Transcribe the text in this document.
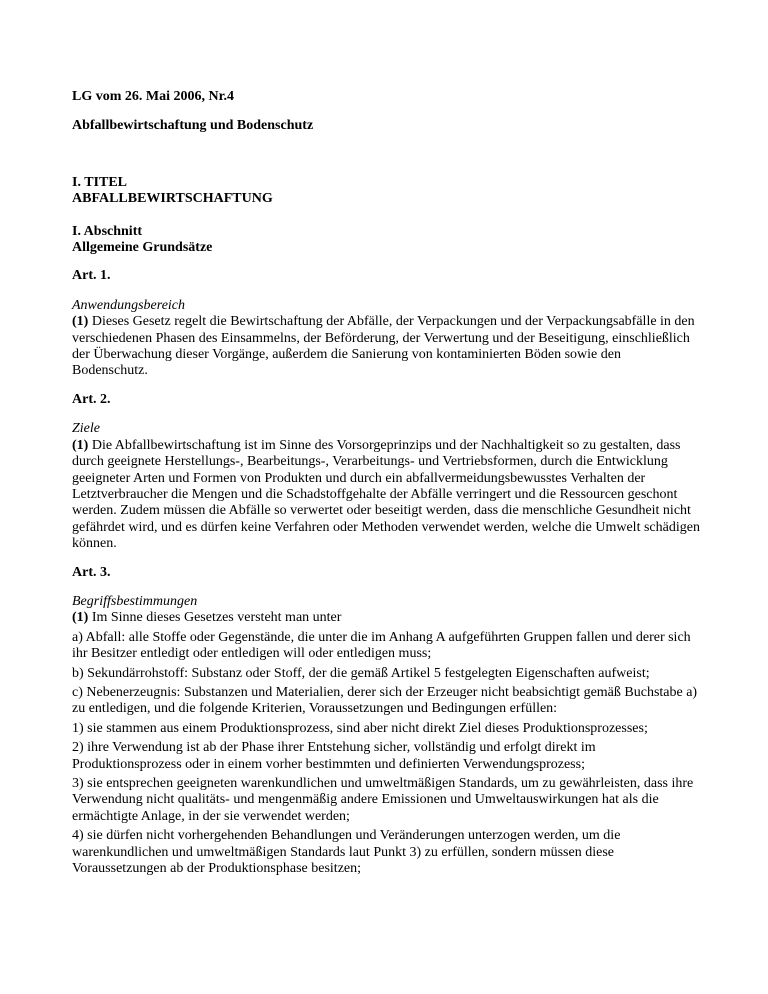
LG vom 26. Mai 2006, Nr.4

Abfallbewirtschaftung und Bodenschutz

I. TITEL

ABFALLBEWIRTSCHAFTUNG

I. Abschnitt

Allgemeine Grundsätze

Art. 1.

Anwendungsbereich

(1) Dieses Gesetz regelt die Bewirtschaftung der Abfälle, der Verpackungen und der Verpackungsabfälle in den verschiedenen Phasen des Einsammelns, der Beförderung, der Verwertung und der Beseitigung, einschließlich der Überwachung dieser Vorgänge, außerdem die Sanierung von kontaminierten Böden sowie den Bodenschutz.

Art. 2.

Ziele

(1) Die Abfallbewirtschaftung ist im Sinne des Vorsorgeprinzips und der Nachhaltigkeit so zu gestalten, dass durch geeignete Herstellungs-, Bearbeitungs-, Verarbeitungs- und Vertriebsformen, durch die Entwicklung geeigneter Arten und Formen von Produkten und durch ein abfallvermeidungsbewusstes Verhalten der Letztverbraucher die Mengen und die Schadstoffgehalte der Abfälle verringert und die Ressourcen geschont werden. Zudem müssen die Abfälle so verwertet oder beseitigt werden, dass die menschliche Gesundheit nicht gefährdet wird, und es dürfen keine Verfahren oder Methoden verwendet werden, welche die Umwelt schädigen können.

Art. 3.

Begriffsbestimmungen

(1) Im Sinne dieses Gesetzes versteht man unter

a) Abfall: alle Stoffe oder Gegenstände, die unter die im Anhang A aufgeführten Gruppen fallen und derer sich ihr Besitzer entledigt oder entledigen will oder entledigen muss;

b) Sekundärrohstoff: Substanz oder Stoff, der die gemäß Artikel 5 festgelegten Eigenschaften aufweist;

c) Nebenerzeugnis: Substanzen und Materialien, derer sich der Erzeuger nicht beabsichtigt gemäß Buchstabe a) zu entledigen, und die folgende Kriterien, Voraussetzungen und Bedingungen erfüllen:

1) sie stammen aus einem Produktionsprozess, sind aber nicht direkt Ziel dieses Produktionsprozesses;

2) ihre Verwendung ist ab der Phase ihrer Entstehung sicher, vollständig und erfolgt direkt im Produktionsprozess oder in einem vorher bestimmten und definierten Verwendungsprozess;

3) sie entsprechen geeigneten warenkundlichen und umweltmäßigen Standards, um zu gewährleisten, dass ihre Verwendung nicht qualitäts- und mengenmäßig andere Emissionen und Umweltauswirkungen hat als die ermächtigte Anlage, in der sie verwendet werden;

4) sie dürfen nicht vorhergehenden Behandlungen und Veränderungen unterzogen werden, um die warenkundlichen und umweltmäßigen Standards laut Punkt 3) zu erfüllen, sondern müssen diese Voraussetzungen ab der Produktionsphase besitzen;
